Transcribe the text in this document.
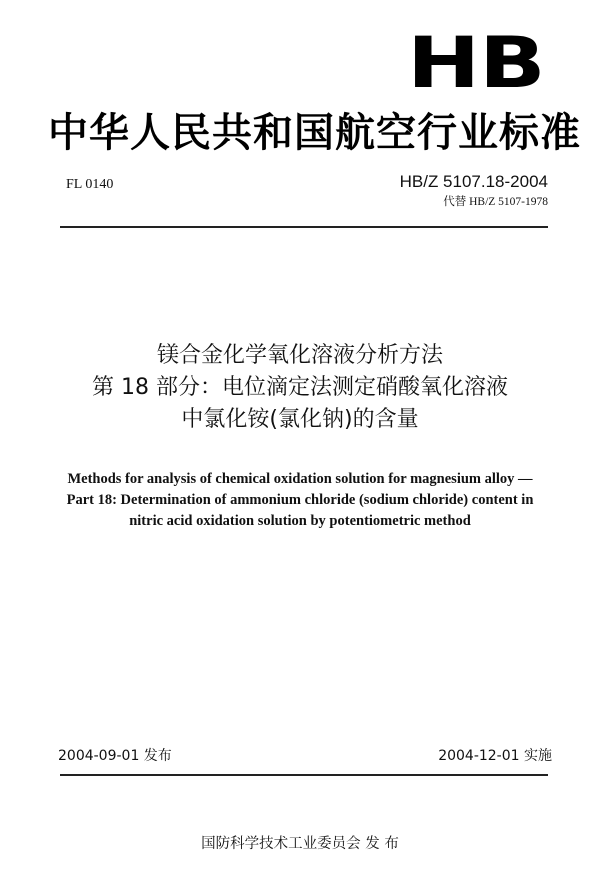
HB
中华人民共和国航空行业标准
FL 0140	HB/Z 5107.18-2004
代替 HB/Z 5107-1978
镁合金化学氧化溶液分析方法
第 18 部分：电位滴定法测定硝酸氧化溶液
中氯化铵(氯化钠)的含量
Methods for analysis of chemical oxidation solution for magnesium alloy —
Part 18: Determination of ammonium chloride (sodium chloride) content in
nitric acid oxidation solution by potentiometric method
2004-09-01 发布	2004-12-01 实施
国防科学技术工业委员会 发 布
